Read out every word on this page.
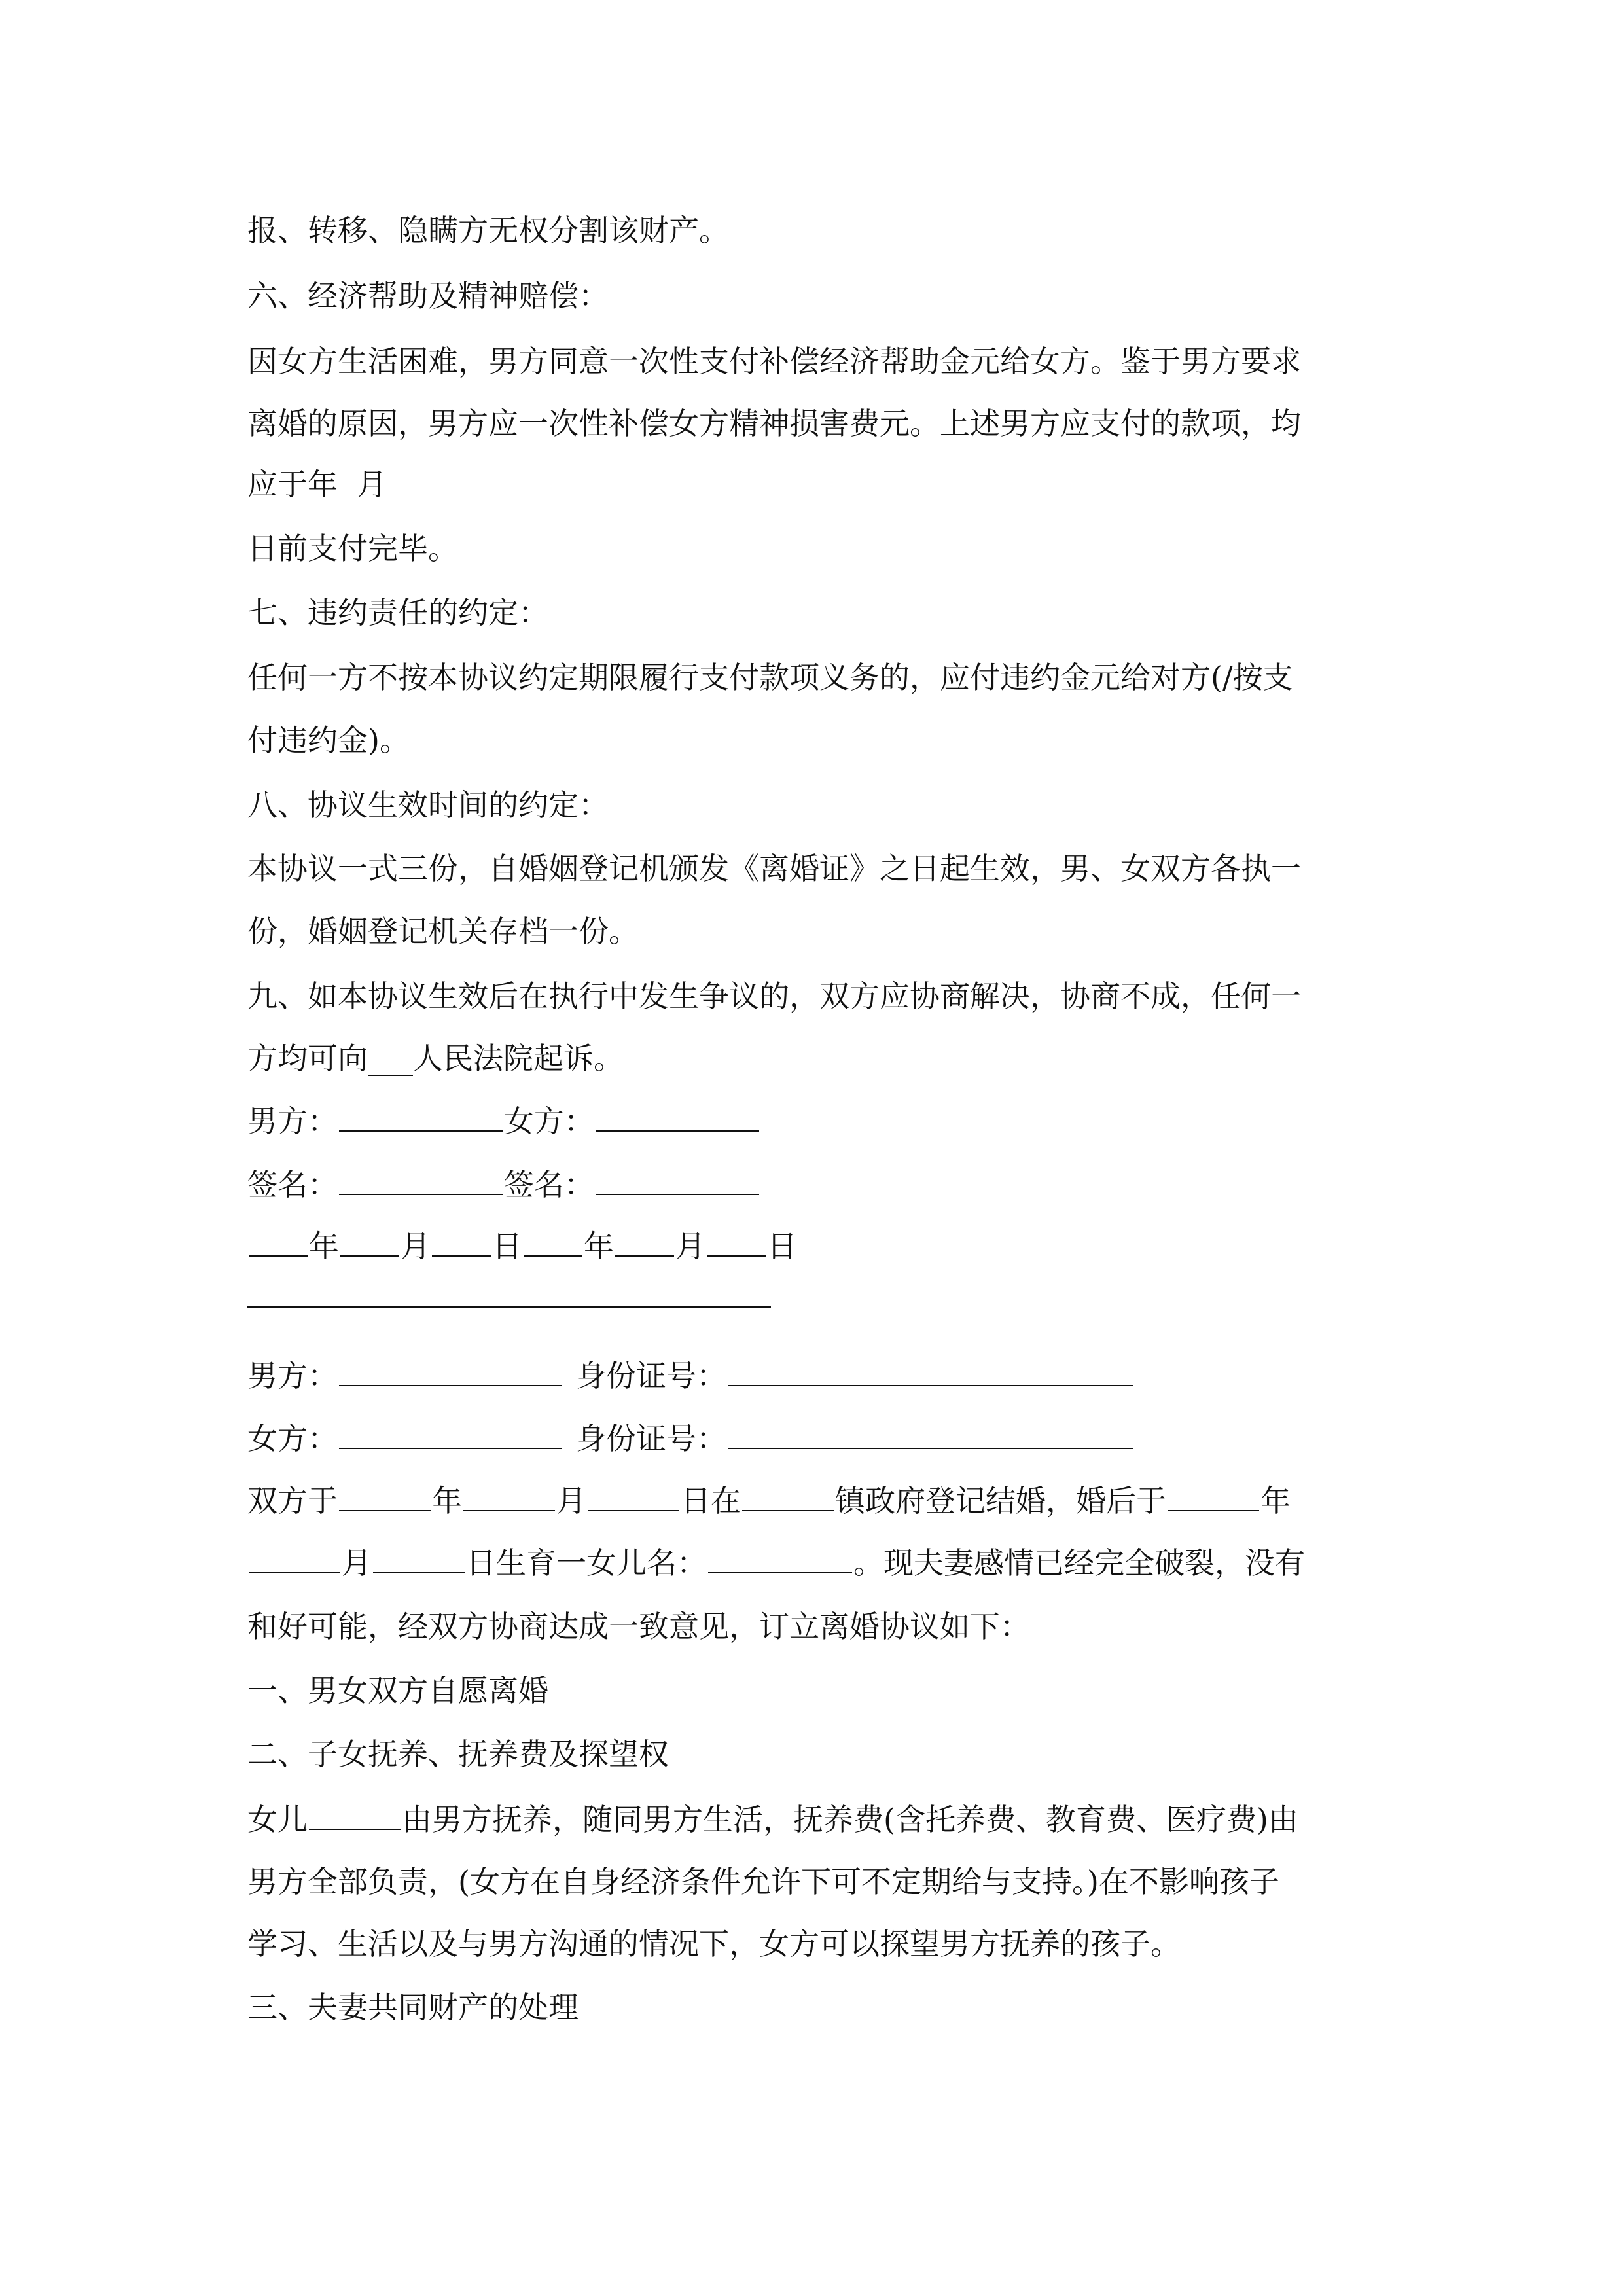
报、转移、隐瞒方无权分割该财产。
六、经济帮助及精神赔偿：
因女方生活困难，男方同意一次性支付补偿经济帮助金元给女方。鉴于男方要求
离婚的原因，男方应一次性补偿女方精神损害费元。上述男方应支付的款项，均
应于年  月
日前支付完毕。
七、违约责任的约定：
任何一方不按本协议约定期限履行支付款项义务的，应付违约金元给对方(/按支
付违约金)。
八、协议生效时间的约定：
本协议一式三份，自婚姻登记机颁发《离婚证》之日起生效，男、女双方各执一
份，婚姻登记机关存档一份。
九、如本协议生效后在执行中发生争议的，双方应协商解决，协商不成，任何一
方均可向___人民法院起诉。
男方：	女方：
签名：	签名：
年 月 日 年 月 日
男方：	身份证号：
女方：	身份证号：
双方于	年	月	日在	镇政府登记结婚，婚后于	年
月	日生育一女儿名：	。现夫妻感情已经完全破裂，没有
和好可能，经双方协商达成一致意见，订立离婚协议如下：
一、男女双方自愿离婚
二、子女抚养、抚养费及探望权
女儿	由男方抚养，随同男方生活，抚养费(含托养费、教育费、医疗费)由
男方全部负责，(女方在自身经济条件允许下可不定期给与支持。)在不影响孩子
学习、生活以及与男方沟通的情况下，女方可以探望男方抚养的孩子。
三、夫妻共同财产的处理
